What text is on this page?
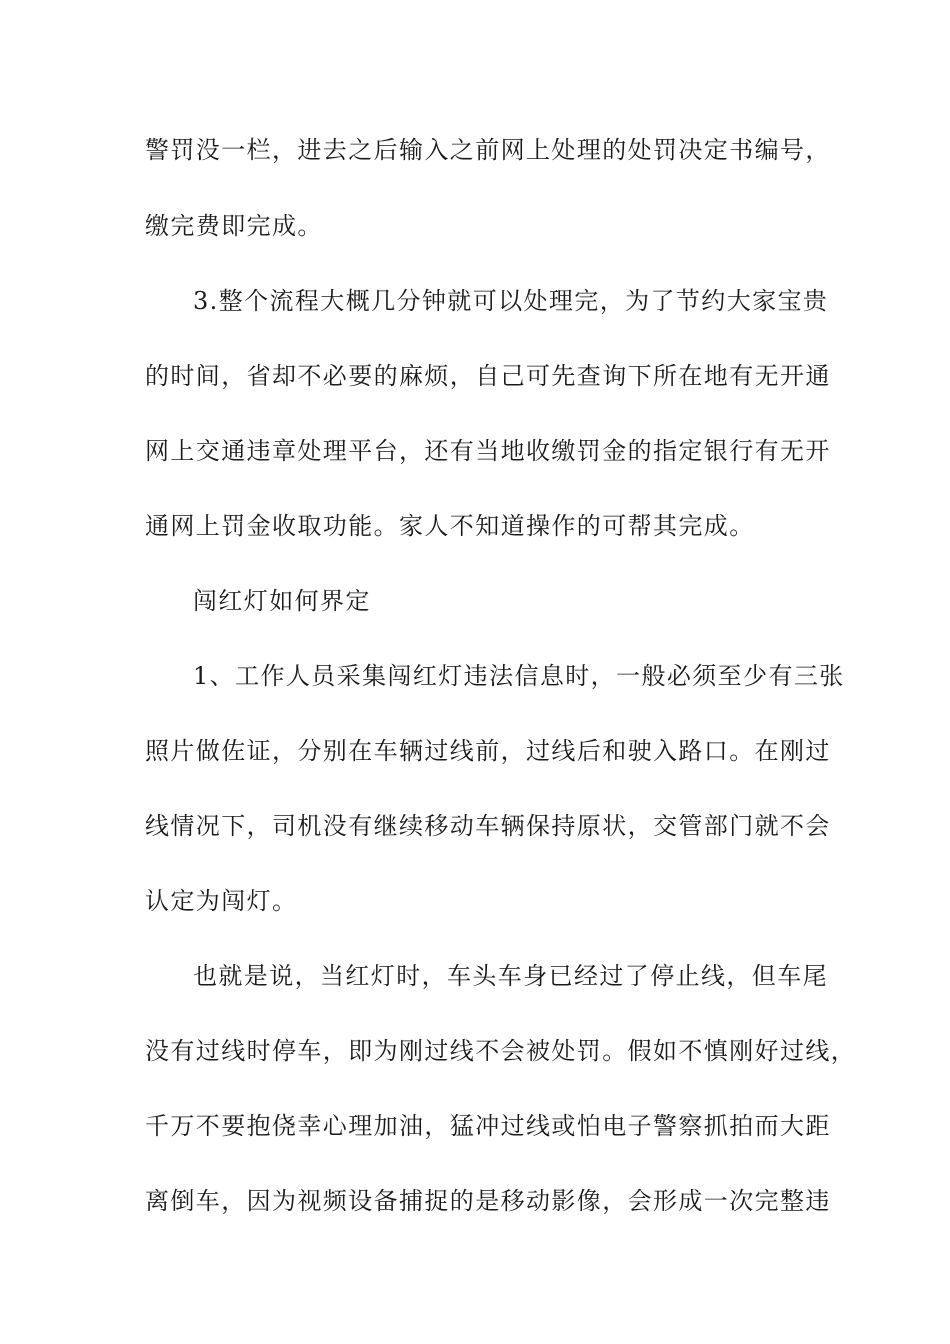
警罚没一栏，进去之后输入之前网上处理的处罚决定书编号，
缴完费即完成。
3.整个流程大概几分钟就可以处理完，为了节约大家宝贵
的时间，省却不必要的麻烦，自己可先查询下所在地有无开通
网上交通违章处理平台，还有当地收缴罚金的指定银行有无开
通网上罚金收取功能。家人不知道操作的可帮其完成。
闯红灯如何界定
1、工作人员采集闯红灯违法信息时，一般必须至少有三张
照片做佐证，分别在车辆过线前，过线后和驶入路口。在刚过
线情况下，司机没有继续移动车辆保持原状，交管部门就不会
认定为闯灯。
也就是说，当红灯时，车头车身已经过了停止线，但车尾
没有过线时停车，即为刚过线不会被处罚。假如不慎刚好过线，
千万不要抱侥幸心理加油，猛冲过线或怕电子警察抓拍而大距
离倒车，因为视频设备捕捉的是移动影像，会形成一次完整违
